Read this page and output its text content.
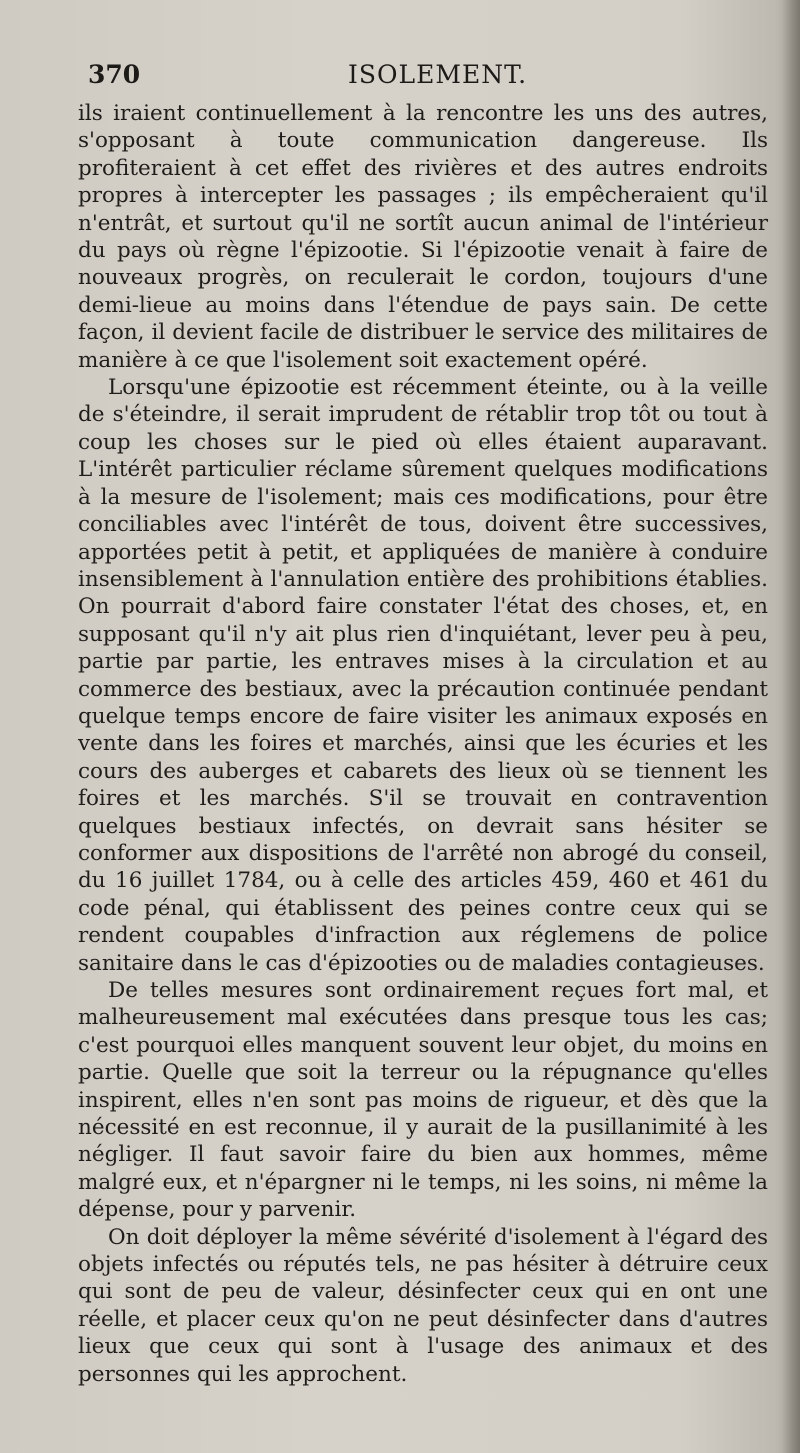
370	ISOLEMENT.

ils iraient continuellement à la rencontre les uns des autres, s'opposant à toute communication dangereuse. Ils profiteraient à cet effet des rivières et des autres endroits propres à intercepter les passages ; ils empêcheraient qu'il n'entrât, et surtout qu'il ne sortît aucun animal de l'intérieur du pays où règne l'épizootie. Si l'épizootie venait à faire de nouveaux progrès, on reculerait le cordon, toujours d'une demi-lieue au moins dans l'étendue de pays sain. De cette façon, il devient facile de distribuer le service des militaires de manière à ce que l'isolement soit exactement opéré.

Lorsqu'une épizootie est récemment éteinte, ou à la veille de s'éteindre, il serait imprudent de rétablir trop tôt ou tout à coup les choses sur le pied où elles étaient auparavant. L'intérêt particulier réclame sûrement quelques modifications à la mesure de l'isolement; mais ces modifications, pour être conciliables avec l'intérêt de tous, doivent être successives, apportées petit à petit, et appliquées de manière à conduire insensiblement à l'annulation entière des prohibitions établies. On pourrait d'abord faire constater l'état des choses, et, en supposant qu'il n'y ait plus rien d'inquiétant, lever peu à peu, partie par partie, les entraves mises à la circulation et au commerce des bestiaux, avec la précaution continuée pendant quelque temps encore de faire visiter les animaux exposés en vente dans les foires et marchés, ainsi que les écuries et les cours des auberges et cabarets des lieux où se tiennent les foires et les marchés. S'il se trouvait en contravention quelques bestiaux infectés, on devrait sans hésiter se conformer aux dispositions de l'arrêté non abrogé du conseil, du 16 juillet 1784, ou à celle des articles 459, 460 et 461 du code pénal, qui établissent des peines contre ceux qui se rendent coupables d'infraction aux réglemens de police sanitaire dans le cas d'épizooties ou de maladies contagieuses.

De telles mesures sont ordinairement reçues fort mal, et malheureusement mal exécutées dans presque tous les cas; c'est pourquoi elles manquent souvent leur objet, du moins en partie. Quelle que soit la terreur ou la répugnance qu'elles inspirent, elles n'en sont pas moins de rigueur, et dès que la nécessité en est reconnue, il y aurait de la pusillanimité à les négliger. Il faut savoir faire du bien aux hommes, même malgré eux, et n'épargner ni le temps, ni les soins, ni même la dépense, pour y parvenir.

On doit déployer la même sévérité d'isolement à l'égard des objets infectés ou réputés tels, ne pas hésiter à détruire ceux qui sont de peu de valeur, désinfecter ceux qui en ont une réelle, et placer ceux qu'on ne peut désinfecter dans d'autres lieux que ceux qui sont à l'usage des animaux et des personnes qui les approchent.
